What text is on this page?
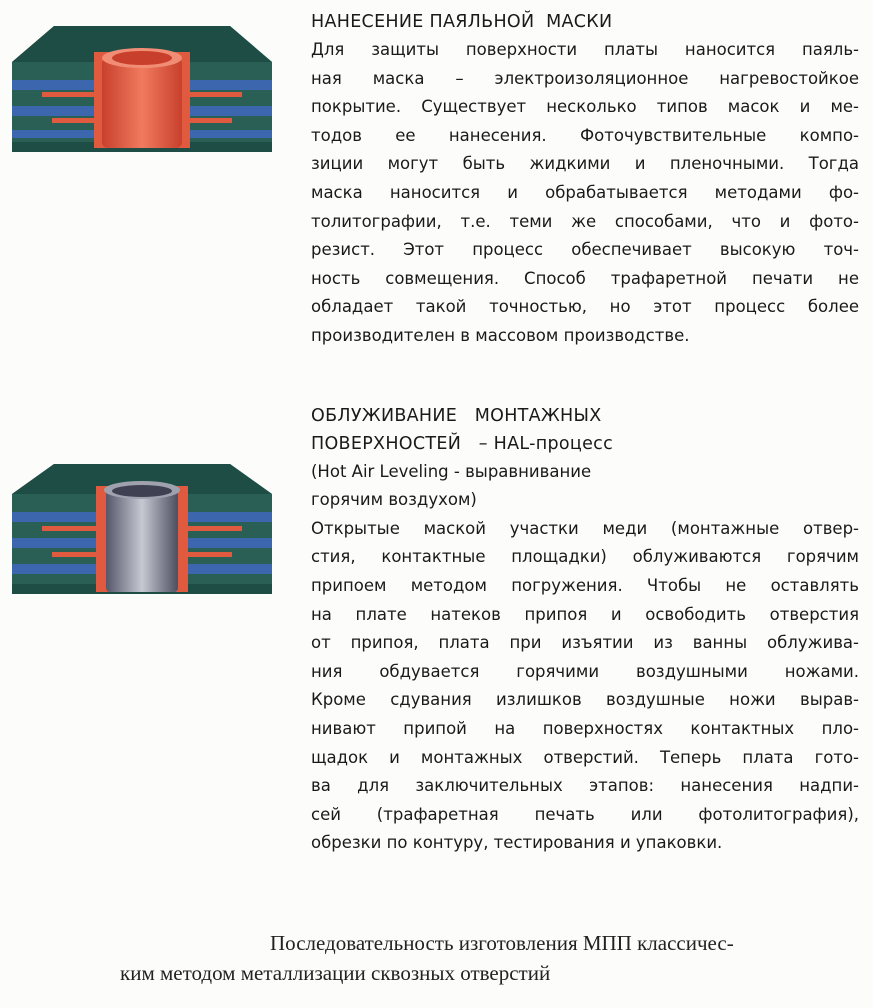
НАНЕСЕНИЕ ПАЯЛЬНОЙ  МАСКИ
Для защиты поверхности платы наносится паяль-
ная маска – электроизоляционное нагревостойкое
покрытие. Существует несколько типов масок и ме-
тодов ее нанесения. Фоточувствительные компо-
зиции могут быть жидкими и пленочными. Тогда
маска наносится и обрабатывается методами фо-
толитографии, т.е. теми же способами, что и фото-
резист. Этот процесс обеспечивает высокую точ-
ность совмещения. Способ трафаретной печати не
обладает такой точностью, но этот процесс более
производителен в массовом производстве.
ОБЛУЖИВАНИЕ   МОНТАЖНЫХ
ПОВЕРХНОСТЕЙ   – HAL-процесс
(Hot Air Leveling - выравнивание
горячим воздухом)
Открытые маской участки меди (монтажные отвер-
стия, контактные площадки) облуживаются горячим
припоем методом погружения. Чтобы не оставлять
на плате натеков припоя и освободить отверстия
от припоя, плата при изъятии из ванны облужива-
ния обдувается горячими воздушными ножами.
Кроме сдувания излишков воздушные ножи вырав-
нивают припой на поверхностях контактных пло-
щадок и монтажных отверстий. Теперь плата гото-
ва для заключительных этапов: нанесения надпи-
сей (трафаретная печать или фотолитография),
обрезки по контуру, тестирования и упаковки.
Последовательность изготовления МПП классичес-
ким методом металлизации сквозных отверстий
